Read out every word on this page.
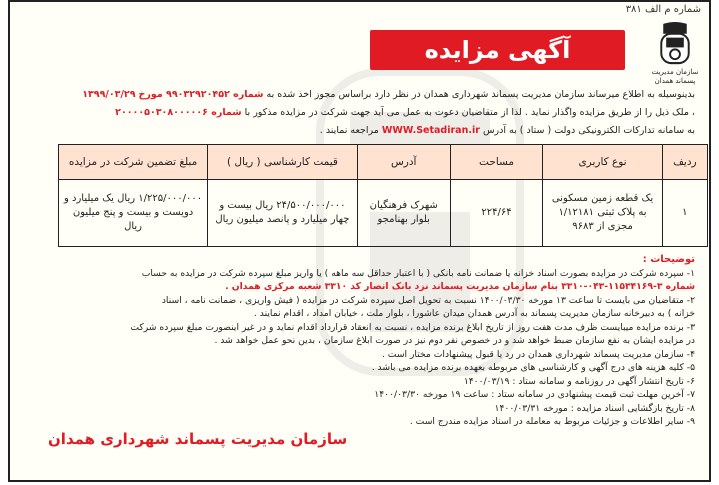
شماره م الف ۳۸۱
آگهی مزایده
سازمان مدیریت پسماند همدان
بدینوسیله به اطلاع میرساند سازمان مدیریت پسماند شهرداری همدان در نظر دارد براساس مجوز اخذ شده به شماره ۹۹۰۳۲۹۲۰۴۵۲ مورخ ۱۳۹۹/۰۳/۲۹ ، ملک ذیل را از طریق مزایده واگذار نماید . لذا از متقاضیان دعوت به عمل می آید جهت شرکت در مزایده مذکور با شماره ۲۰۰۰۰۵۰۳۰۸۰۰۰۰۰۶ به سامانه تدارکات الکترونیکی دولت ( ستاد ) به آدرس WWW.Setadiran.ir مراجعه نمایند .
ردیف	نوع کاربری	مساحت	آدرس	قیمت کارشناسی ( ریال )	مبلغ تضمین شرکت در مزایده
۱	یک قطعه زمین مسکونی به پلاک ثبتی ۱/۱۲۱۸۱ مجزی از ۹۶۸۳	۲۲۴/۶۴	شهرک فرهنگیان بلوار بهنامجو	۲۴/۵۰۰/۰۰۰/۰۰۰ ریال بیست و چهار میلیارد و پانصد میلیون ریال	۱/۲۲۵/۰۰۰/۰۰۰ ریال یک میلیارد و دویست و بیست و پنج میلیون ریال
توضیحات :

۱- سپرده شرکت در مزایده بصورت اسناد خزانه یا ضمانت نامه بانکی ( با اعتبار حداقل سه ماهه ) یا واریز مبلغ سپرده شرکت در مزایده به حساب

شماره ۳-۱۱۵۳۴۱۶۹-۰۴۳-۳۳۱۰ بنام سازمان مدیریت پسماند نزد بانک انصار کد ۳۳۱۰ شعبه مرکزی همدان .

۲- متقاضیان می بایست تا ساعت ۱۳ مورخه ۱۴۰۰/۰۳/۳۰ نسبت به تحویل اصل سپرده شرکت در مزایده ( فیش واریزی ، ضمانت نامه ، اسناد

خزانه ) به دبیرخانه سازمان مدیریت پسماند به آدرس همدان میدان عاشورا ، بلوار ملت ، خیابان امداد ، اقدام نمایند .

۳- برنده مزایده میبایست ظرف مدت هفت روز از تاریخ ابلاغ برنده مزایده ، نسبت به انعقاد قرارداد اقدام نماید و در غیر اینصورت مبلغ سپرده شرکت

در مزایده ایشان به نفع سازمان ضبط خواهد شد و در خصوص نفر دوم نیز در صورت ابلاغ سازمان ، بدین نحو عمل خواهد شد .

۴- سازمان مدیریت پسماند شهرداری همدان در رد یا قبول پیشنهادات مختار است .

۵- کلیه هزینه های درج آگهی و کارشناسی های مربوطه بعهده برنده مزایده می باشد .

۶- تاریخ انتشار آگهی در روزنامه و سامانه ستاد : ۱۴۰۰/۰۳/۱۹

۷- آخرین مهلت ثبت قیمت پیشنهادی در سامانه ستاد : ساعت ۱۹ مورخه ۱۴۰۰/۰۳/۳۰

۸- تاریخ بازگشایی اسناد مزایده : مورخه ۱۴۰۰/۰۳/۳۱

۹- سایر اطلاعات و جزئیات مربوط به معامله در اسناد مزایده مندرج است .

سازمان مدیریت پسماند شهرداری همدان
